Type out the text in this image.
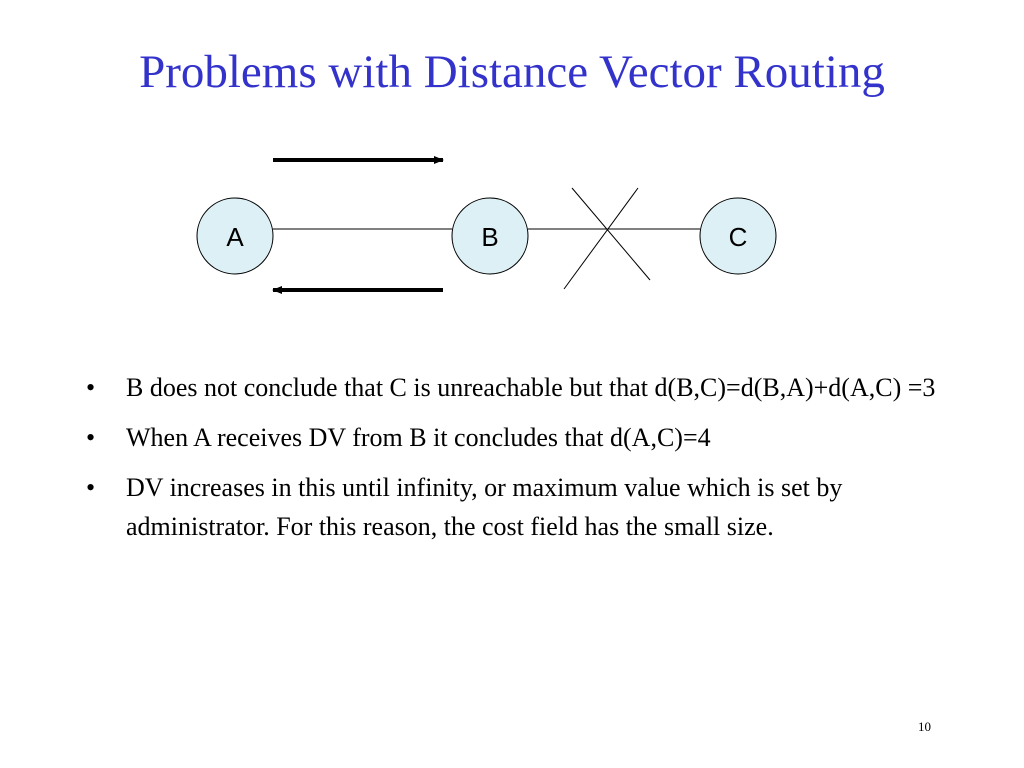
Problems with Distance Vector Routing
A	B	C
• B does not conclude that C is unreachable but that d(B,C)=d(B,A)+d(A,C) =3
• When A receives DV from B it concludes that d(A,C)=4
• DV increases in this until infinity, or maximum value which is set by administrator. For this reason, the cost field has the small size.
10
